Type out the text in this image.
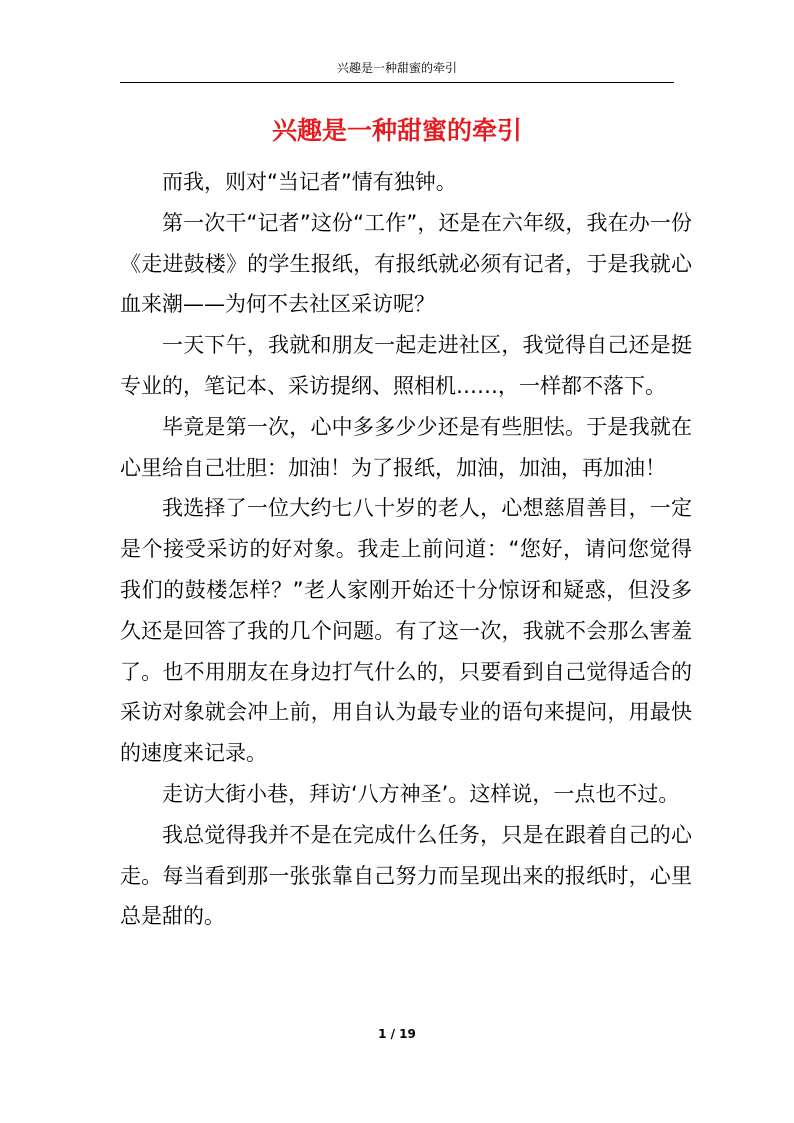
兴趣是一种甜蜜的牵引
兴趣是一种甜蜜的牵引

而我，则对“当记者”情有独钟。

第一次干“记者”这份“工作”，还是在六年级，我在办一份《走进鼓楼》的学生报纸，有报纸就必须有记者，于是我就心血来潮——为何不去社区采访呢？

一天下午，我就和朋友一起走进社区，我觉得自己还是挺专业的，笔记本、采访提纲、照相机……，一样都不落下。

毕竟是第一次，心中多多少少还是有些胆怯。于是我就在心里给自己壮胆：加油！为了报纸，加油，加油，再加油！

我选择了一位大约七八十岁的老人，心想慈眉善目，一定是个接受采访的好对象。我走上前问道：“您好，请问您觉得我们的鼓楼怎样？”老人家刚开始还十分惊讶和疑惑，但没多久还是回答了我的几个问题。有了这一次，我就不会那么害羞了。也不用朋友在身边打气什么的，只要看到自己觉得适合的采访对象就会冲上前，用自认为最专业的语句来提问，用最快的速度来记录。

走访大街小巷，拜访‘八方神圣’。这样说，一点也不过。

我总觉得我并不是在完成什么任务，只是在跟着自己的心走。每当看到那一张张靠自己努力而呈现出来的报纸时，心里总是甜的。

1 / 19
